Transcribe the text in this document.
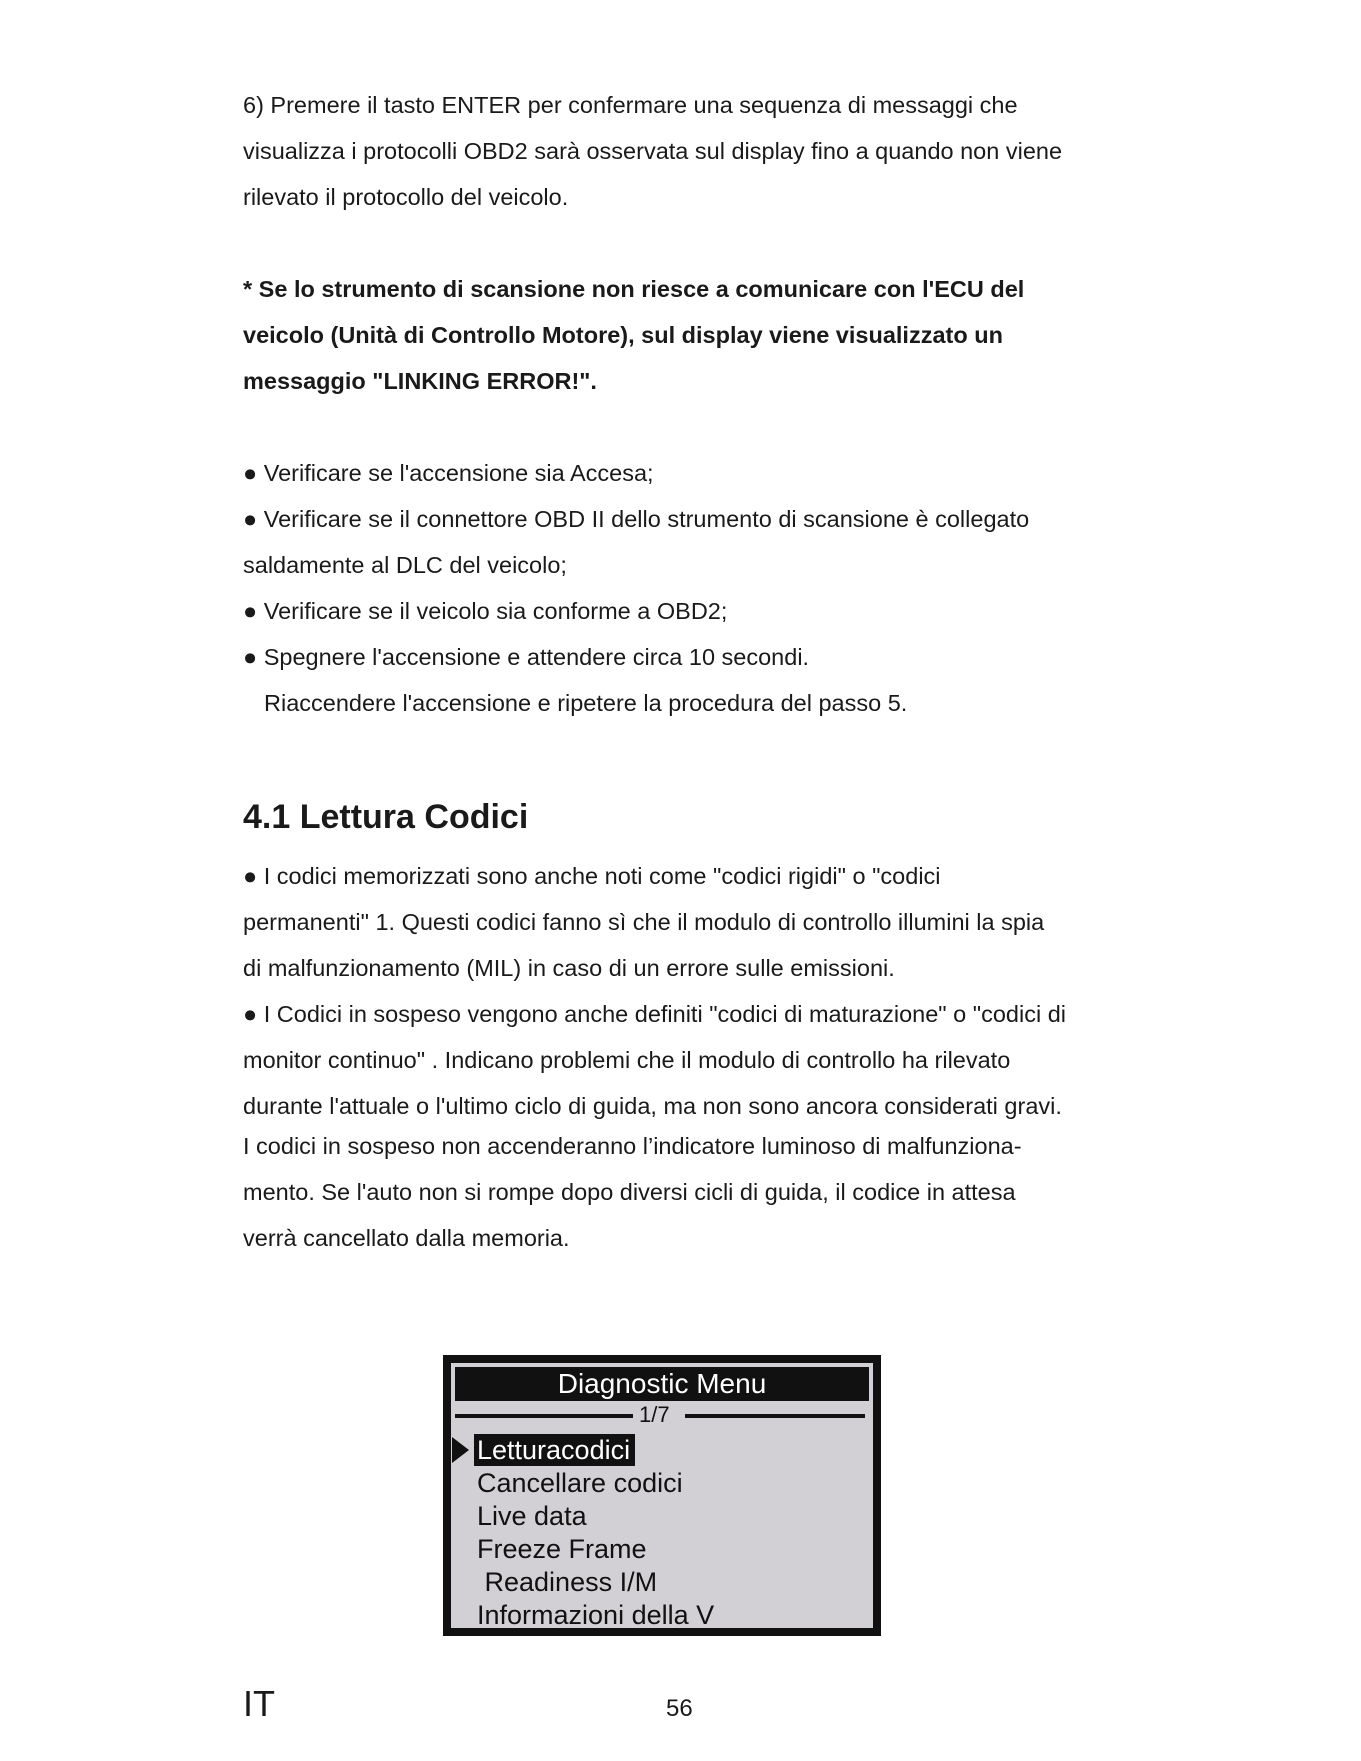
6) Premere il tasto ENTER per confermare una sequenza di messaggi che
visualizza i protocolli OBD2 sarà osservata sul display fino a quando non viene
rilevato il protocollo del veicolo.
* Se lo strumento di scansione non riesce a comunicare con l'ECU del
veicolo (Unità di Controllo Motore), sul display viene visualizzato un
messaggio "LINKING ERROR!".
● Verificare se l'accensione sia Accesa;
● Verificare se il connettore OBD II dello strumento di scansione è collegato
saldamente al DLC del veicolo;
● Verificare se il veicolo sia conforme a OBD2;
● Spegnere l'accensione e attendere circa 10 secondi.
Riaccendere l'accensione e ripetere la procedura del passo 5.
4.1 Lettura Codici
● I codici memorizzati sono anche noti come "codici rigidi" o "codici
permanenti" 1. Questi codici fanno sì che il modulo di controllo illumini la spia
di malfunzionamento (MIL) in caso di un errore sulle emissioni.
● I Codici in sospeso vengono anche definiti "codici di maturazione" o "codici di
monitor continuo" . Indicano problemi che il modulo di controllo ha rilevato
durante l'attuale o l'ultimo ciclo di guida, ma non sono ancora considerati gravi.
I codici in sospeso non accenderanno l’indicatore luminoso di malfunziona-
mento. Se l'auto non si rompe dopo diversi cicli di guida, il codice in attesa
verrà cancellato dalla memoria.
Diagnostic Menu
1/7
Letturacodici
Cancellare codici
Live data
Freeze Frame
Readiness I/M
Informazioni della V
IT	56
